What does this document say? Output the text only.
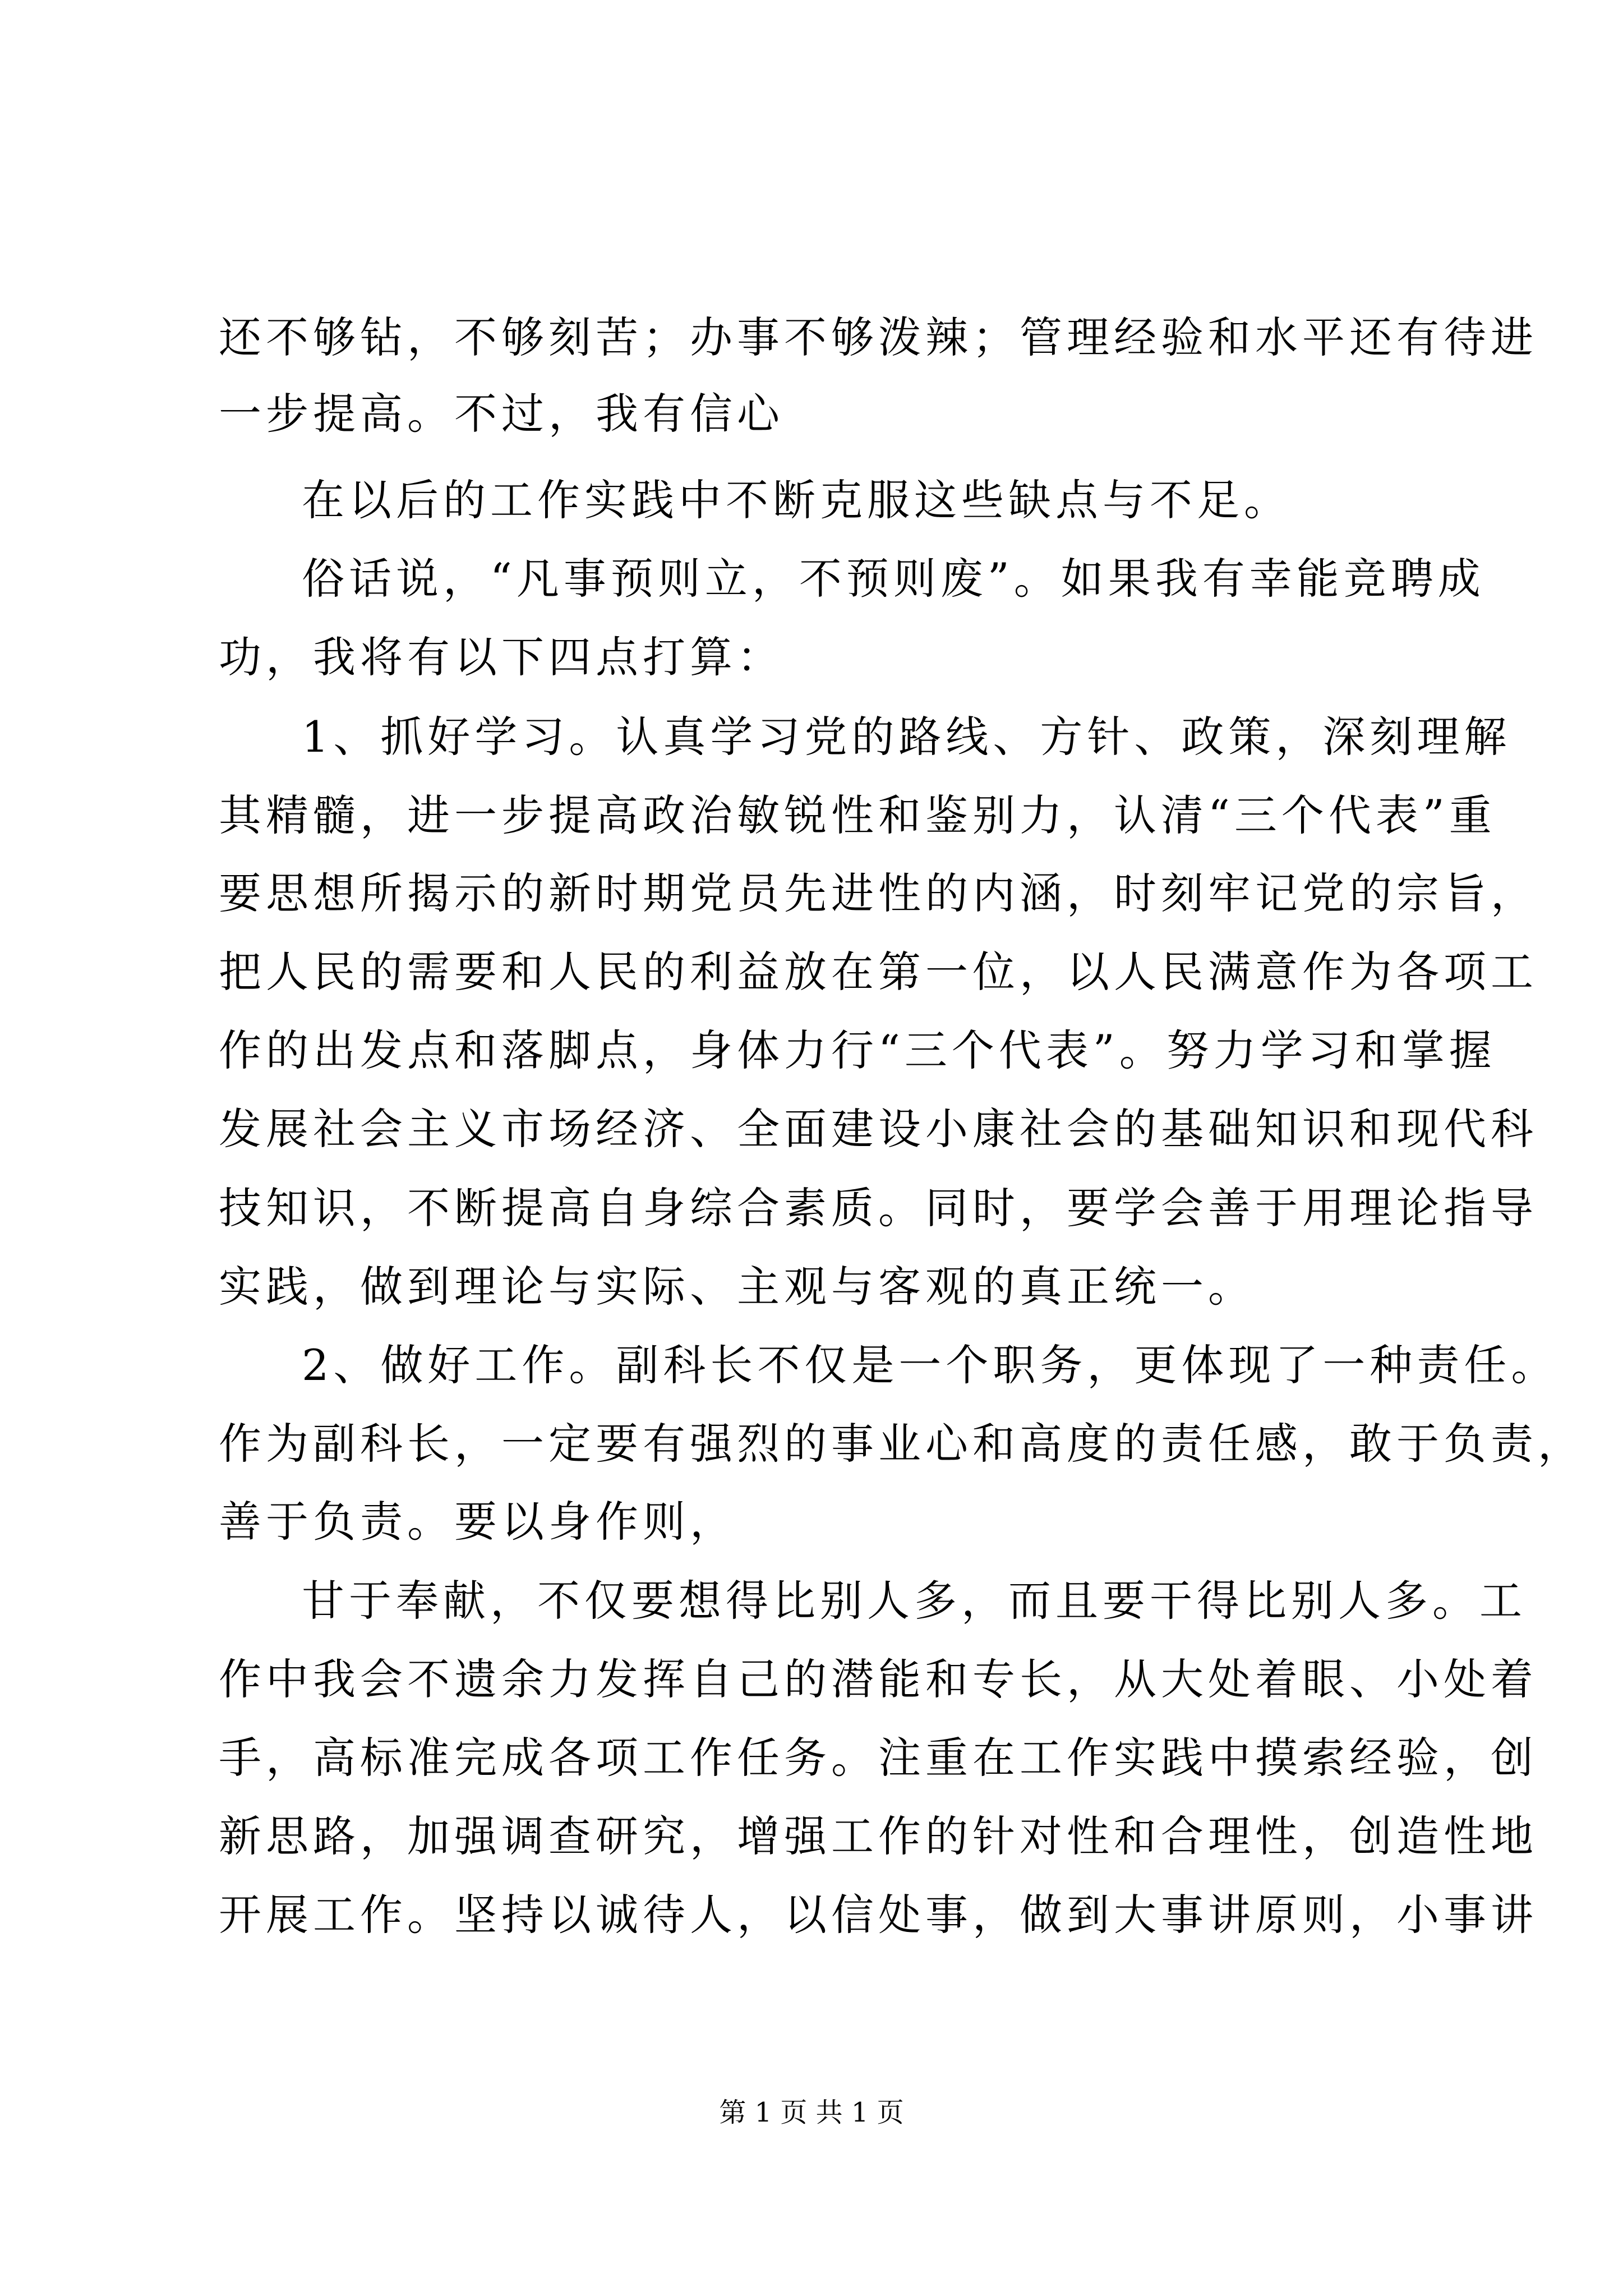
还不够钻，不够刻苦；办事不够泼辣；管理经验和水平还有待进
一步提高。不过，我有信心
在以后的工作实践中不断克服这些缺点与不足。
俗话说，“凡事预则立，不预则废”。如果我有幸能竞聘成
功，我将有以下四点打算：
1、抓好学习。认真学习党的路线、方针、政策，深刻理解
其精髓，进一步提高政治敏锐性和鉴别力，认清“三个代表”重
要思想所揭示的新时期党员先进性的内涵，时刻牢记党的宗旨，
把人民的需要和人民的利益放在第一位，以人民满意作为各项工
作的出发点和落脚点，身体力行“三个代表”。努力学习和掌握
发展社会主义市场经济、全面建设小康社会的基础知识和现代科
技知识，不断提高自身综合素质。同时，要学会善于用理论指导
实践，做到理论与实际、主观与客观的真正统一。
2、做好工作。副科长不仅是一个职务，更体现了一种责任。
作为副科长，一定要有强烈的事业心和高度的责任感，敢于负责，
善于负责。要以身作则，
甘于奉献，不仅要想得比别人多，而且要干得比别人多。工
作中我会不遗余力发挥自己的潜能和专长，从大处着眼、小处着
手，高标准完成各项工作任务。注重在工作实践中摸索经验，创
新思路，加强调查研究，增强工作的针对性和合理性，创造性地
开展工作。坚持以诚待人，以信处事，做到大事讲原则，小事讲
第 1 页 共 1 页
